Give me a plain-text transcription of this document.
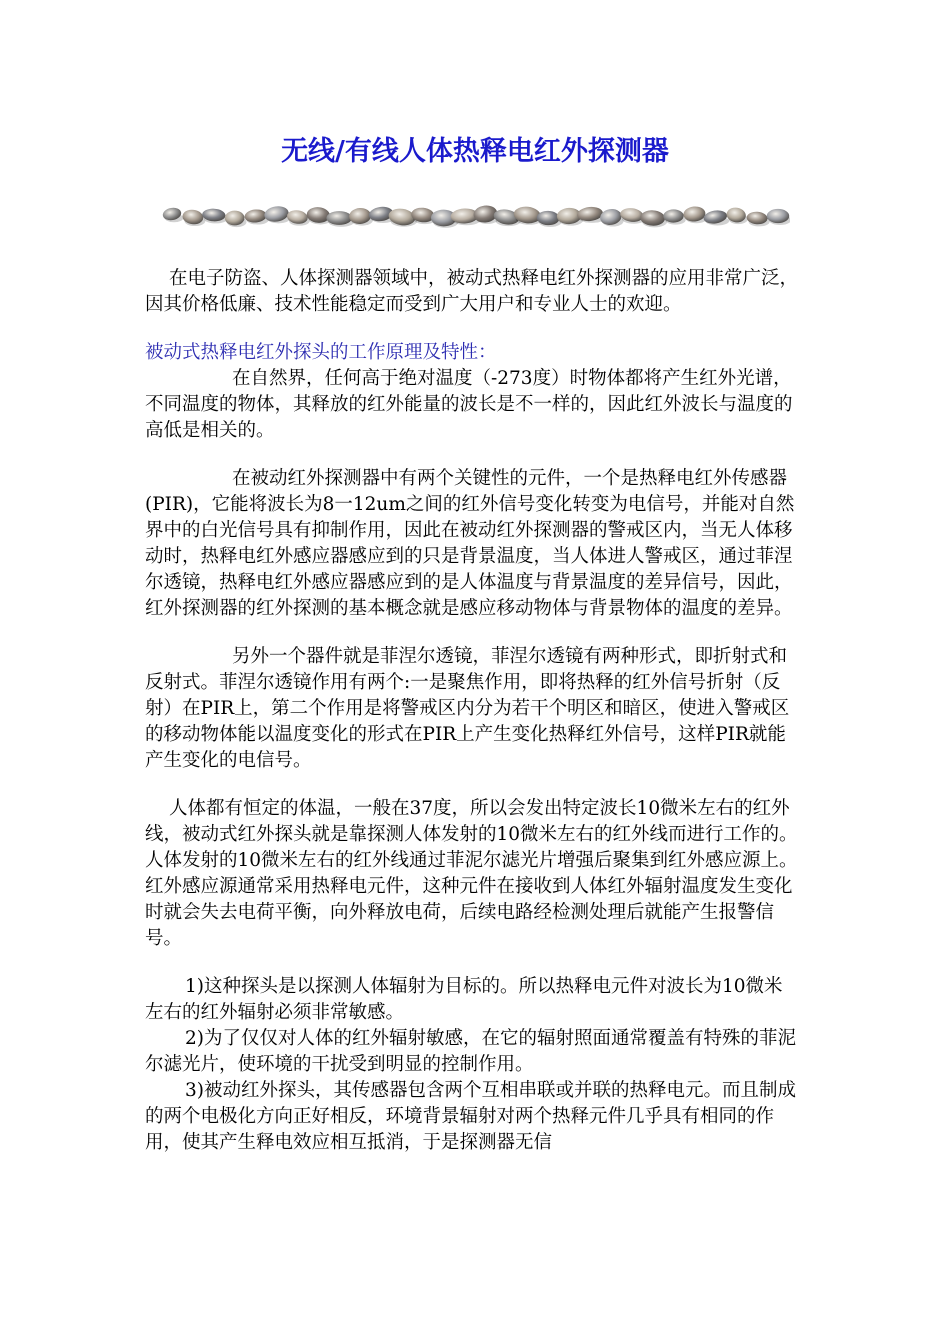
无线/有线人体热释电红外探测器

在电子防盗、人体探测器领域中，被动式热释电红外探测器的应用非常广泛，因其价格低廉、技术性能稳定而受到广大用户和专业人士的欢迎。

被动式热释电红外探头的工作原理及特性：

在自然界，任何高于绝对温度（-273度）时物体都将产生红外光谱，不同温度的物体，其释放的红外能量的波长是不一样的，因此红外波长与温度的高低是相关的。

在被动红外探测器中有两个关键性的元件，一个是热释电红外传感器(PIR)，它能将波长为8一12um之间的红外信号变化转变为电信号，并能对自然界中的白光信号具有抑制作用，因此在被动红外探测器的警戒区内，当无人体移动时，热释电红外感应器感应到的只是背景温度，当人体进人警戒区，通过菲涅尔透镜，热释电红外感应器感应到的是人体温度与背景温度的差异信号，因此，红外探测器的红外探测的基本概念就是感应移动物体与背景物体的温度的差异。

另外一个器件就是菲涅尔透镜，菲涅尔透镜有两种形式，即折射式和反射式。菲涅尔透镜作用有两个:一是聚焦作用，即将热释的红外信号折射（反射）在PIR上，第二个作用是将警戒区内分为若干个明区和暗区，使进入警戒区的移动物体能以温度变化的形式在PIR上产生变化热释红外信号，这样PIR就能产生变化的电信号。

人体都有恒定的体温，一般在37度，所以会发出特定波长10微米左右的红外线，被动式红外探头就是靠探测人体发射的10微米左右的红外线而进行工作的。人体发射的10微米左右的红外线通过菲泥尔滤光片增强后聚集到红外感应源上。红外感应源通常采用热释电元件，这种元件在接收到人体红外辐射温度发生变化时就会失去电荷平衡，向外释放电荷，后续电路经检测处理后就能产生报警信号。

1)这种探头是以探测人体辐射为目标的。所以热释电元件对波长为10微米左右的红外辐射必须非常敏感。

2)为了仅仅对人体的红外辐射敏感，在它的辐射照面通常覆盖有特殊的菲泥尔滤光片，使环境的干扰受到明显的控制作用。

3)被动红外探头，其传感器包含两个互相串联或并联的热释电元。而且制成的两个电极化方向正好相反，环境背景辐射对两个热释元件几乎具有相同的作用，使其产生释电效应相互抵消，于是探测器无信
